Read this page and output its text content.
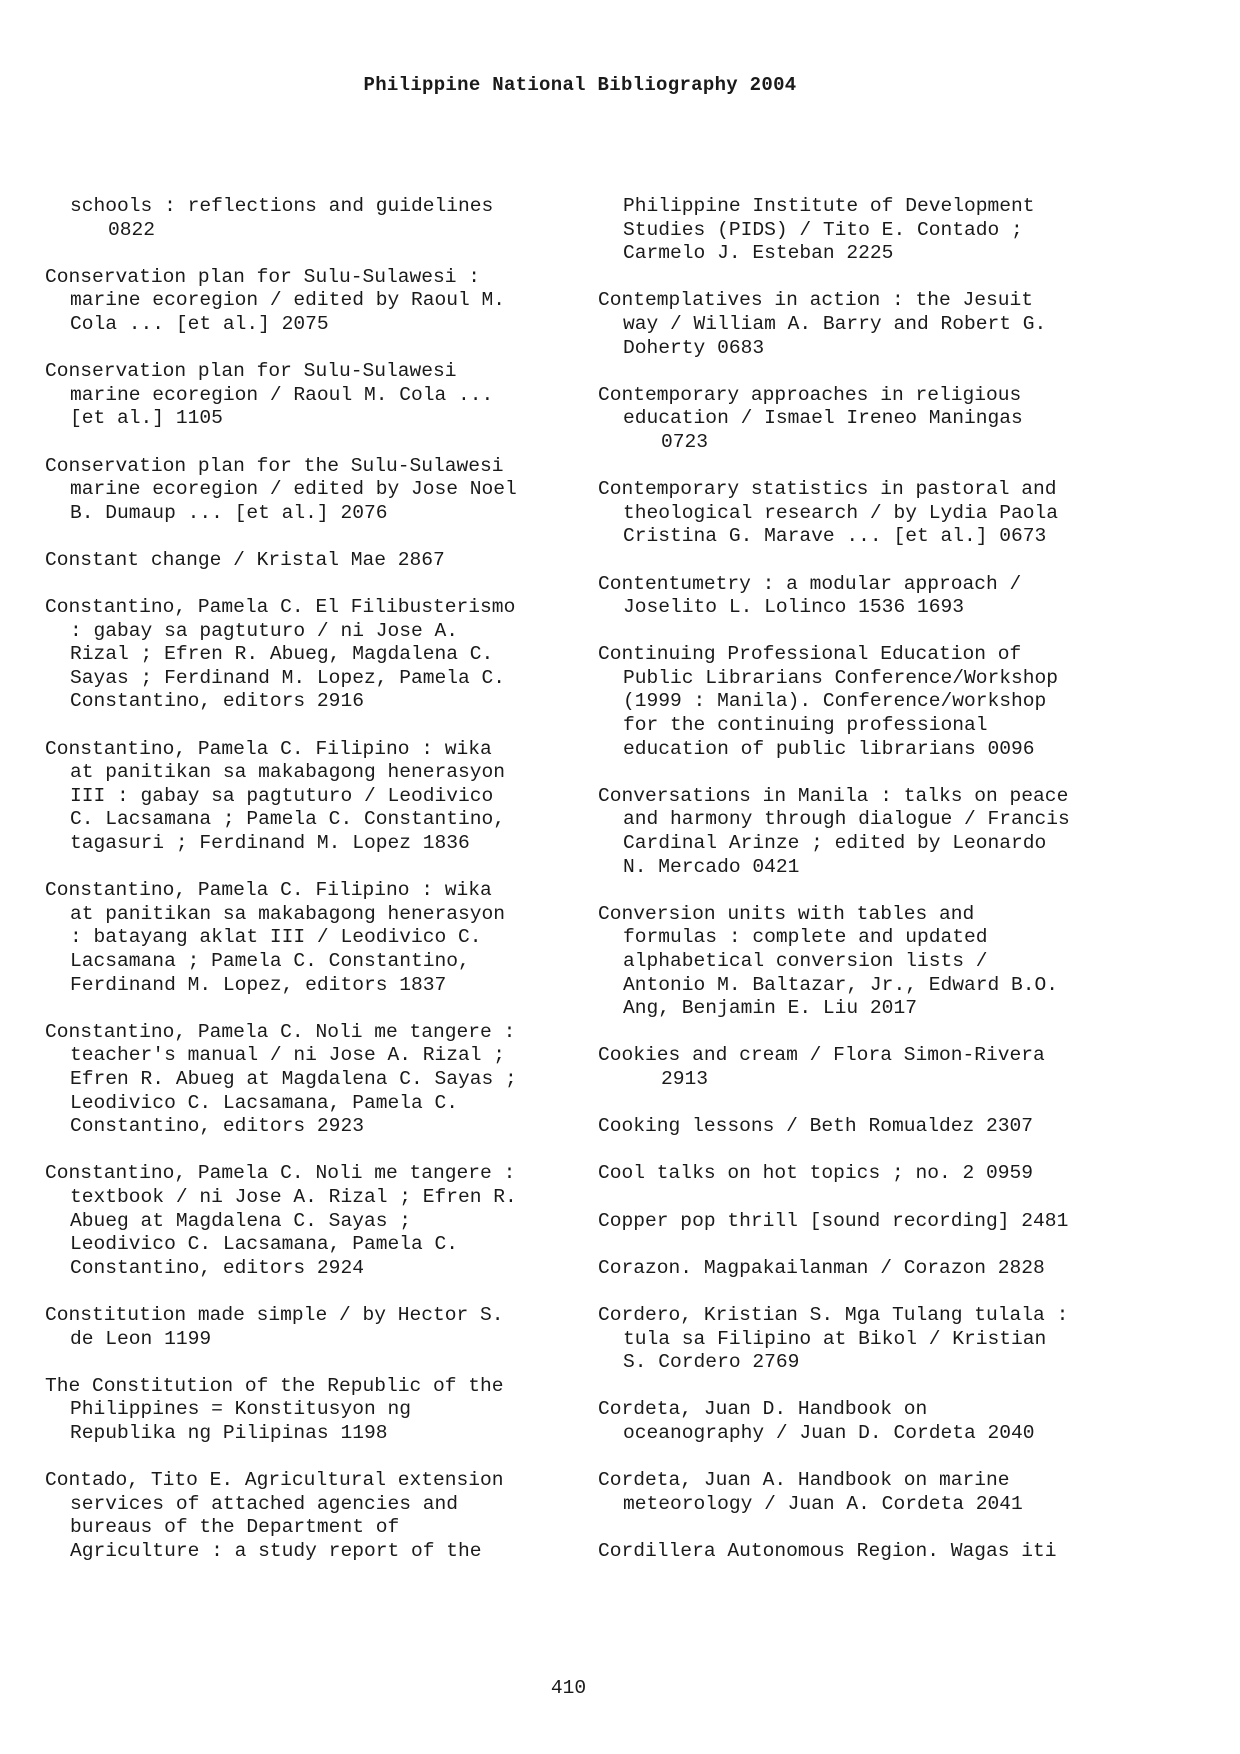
Philippine National Bibliography 2004
schools : reflections and guidelines
0822
Conservation plan for Sulu-Sulawesi :
marine ecoregion / edited by Raoul M.
Cola ... [et al.] 2075
Conservation plan for Sulu-Sulawesi
marine ecoregion / Raoul M. Cola ...
[et al.] 1105
Conservation plan for the Sulu-Sulawesi
marine ecoregion / edited by Jose Noel
B. Dumaup ... [et al.] 2076
Constant change / Kristal Mae 2867
Constantino, Pamela C. El Filibusterismo
: gabay sa pagtuturo / ni Jose A.
Rizal ; Efren R. Abueg, Magdalena C.
Sayas ; Ferdinand M. Lopez, Pamela C.
Constantino, editors 2916
Constantino, Pamela C. Filipino : wika
at panitikan sa makabagong henerasyon
III : gabay sa pagtuturo / Leodivico
C. Lacsamana ; Pamela C. Constantino,
tagasuri ; Ferdinand M. Lopez 1836
Constantino, Pamela C. Filipino : wika
at panitikan sa makabagong henerasyon
: batayang aklat III / Leodivico C.
Lacsamana ; Pamela C. Constantino,
Ferdinand M. Lopez, editors 1837
Constantino, Pamela C. Noli me tangere :
teacher's manual / ni Jose A. Rizal ;
Efren R. Abueg at Magdalena C. Sayas ;
Leodivico C. Lacsamana, Pamela C.
Constantino, editors 2923
Constantino, Pamela C. Noli me tangere :
textbook / ni Jose A. Rizal ; Efren R.
Abueg at Magdalena C. Sayas ;
Leodivico C. Lacsamana, Pamela C.
Constantino, editors 2924
Constitution made simple / by Hector S.
de Leon 1199
The Constitution of the Republic of the
Philippines = Konstitusyon ng
Republika ng Pilipinas 1198
Contado, Tito E. Agricultural extension
services of attached agencies and
bureaus of the Department of
Agriculture : a study report of the
Philippine Institute of Development
Studies (PIDS) / Tito E. Contado ;
Carmelo J. Esteban 2225
Contemplatives in action : the Jesuit
way / William A. Barry and Robert G.
Doherty 0683
Contemporary approaches in religious
education / Ismael Ireneo Maningas
0723
Contemporary statistics in pastoral and
theological research / by Lydia Paola
Cristina G. Marave ... [et al.] 0673
Contentumetry : a modular approach /
Joselito L. Lolinco 1536 1693
Continuing Professional Education of
Public Librarians Conference/Workshop
(1999 : Manila). Conference/workshop
for the continuing professional
education of public librarians 0096
Conversations in Manila : talks on peace
and harmony through dialogue / Francis
Cardinal Arinze ; edited by Leonardo
N. Mercado 0421
Conversion units with tables and
formulas : complete and updated
alphabetical conversion lists /
Antonio M. Baltazar, Jr., Edward B.O.
Ang, Benjamin E. Liu 2017
Cookies and cream / Flora Simon-Rivera
2913
Cooking lessons / Beth Romualdez 2307
Cool talks on hot topics ; no. 2 0959
Copper pop thrill [sound recording] 2481
Corazon. Magpakailanman / Corazon 2828
Cordero, Kristian S. Mga Tulang tulala :
tula sa Filipino at Bikol / Kristian
S. Cordero 2769
Cordeta, Juan D. Handbook on
oceanography / Juan D. Cordeta 2040
Cordeta, Juan A. Handbook on marine
meteorology / Juan A. Cordeta 2041
Cordillera Autonomous Region. Wagas iti
410
